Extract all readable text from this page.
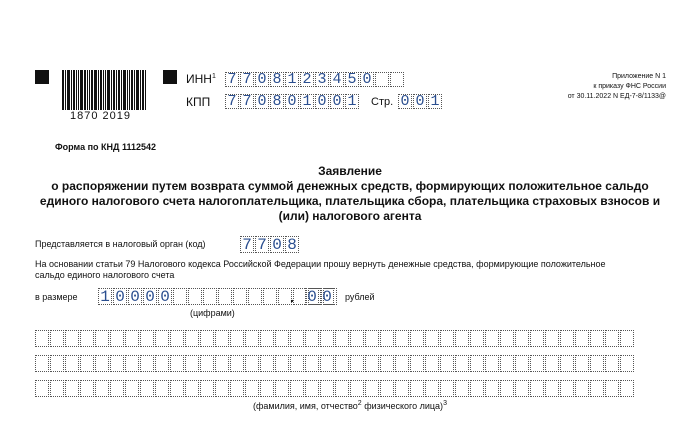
1870 2019
ИНН$^1$ 7 7 0 8 1 2 3 4 5 0
КПП 7 7 0 8 0 1 0 0 1 Стр. 0 0 1
Приложение N 1
к приказу ФНС России
от 30.11.2022 N ЕД-7-8/1133@
Форма по КНД 1112542
Заявление
о распоряжении путем возврата суммой денежных средств, формирующих положительное сальдо
единого налогового счета налогоплательщика, плательщика сбора, плательщика страховых взносов и
(или) налогового агента
Представляется в налоговый орган (код) 7 7 0 8
На основании статьи 79 Налогового кодекса Российской Федерации прошу вернуть денежные средства, формирующие положительное
сальдо единого налогового счета
в размере 1 0 0 0 0	. 0 0 рублей
(цифрами)
(фамилия, имя, отчество$^2$ физического лица)$^3$
